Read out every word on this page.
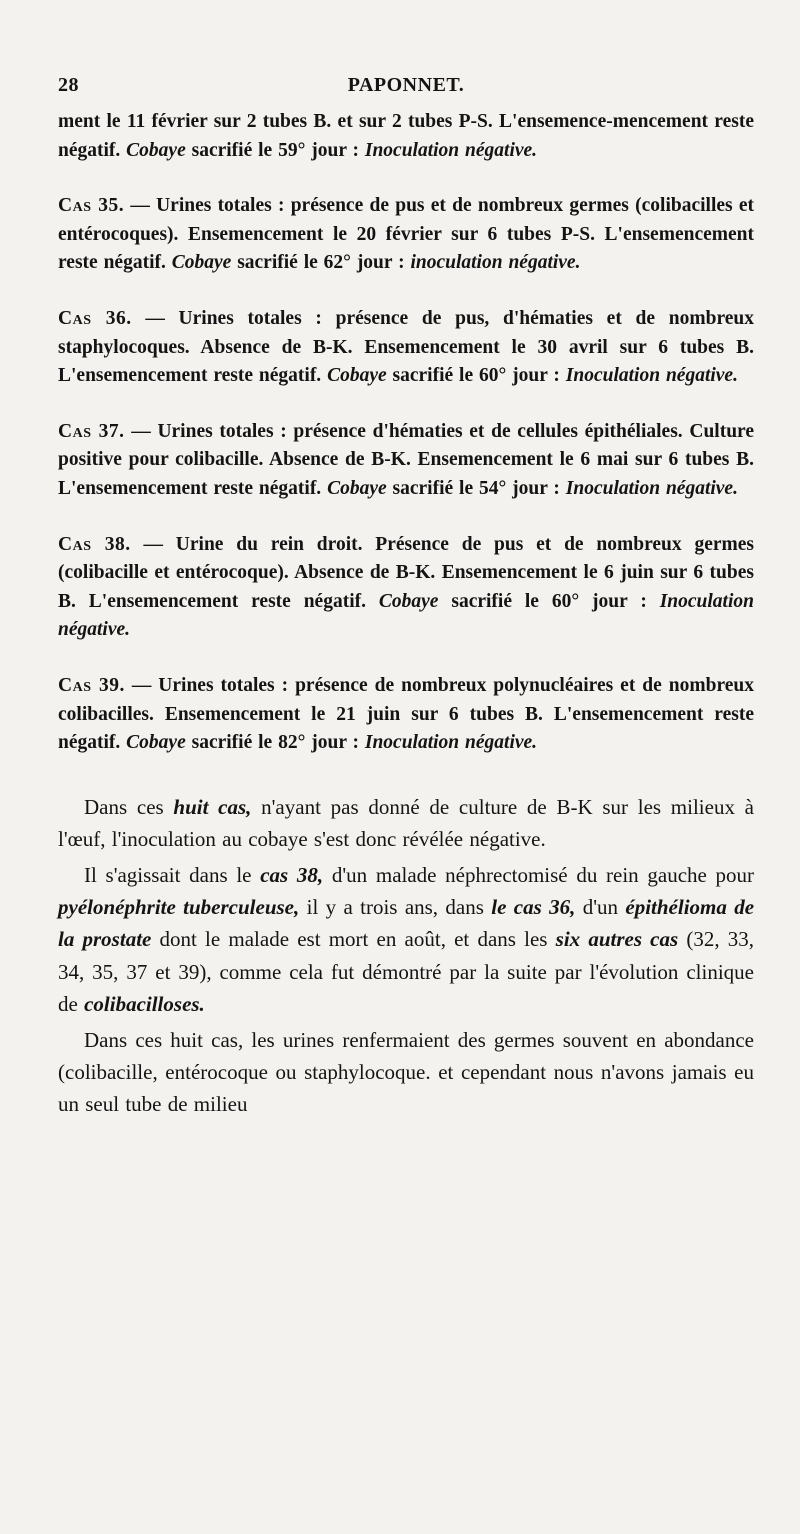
28	PAPONNET.
ment le 11 février sur 2 tubes B. et sur 2 tubes P-S. L'ensemence-mencement reste négatif. Cobaye sacrifié le 59° jour : Inoculation négative.
Cas 35. — Urines totales : présence de pus et de nombreux germes (colibacilles et entérocoques). Ensemencement le 20 février sur 6 tubes P-S. L'ensemencement reste négatif. Cobaye sacrifié le 62° jour : inoculation négative.
Cas 36. — Urines totales : présence de pus, d'hématies et de nombreux staphylocoques. Absence de B-K. Ensemencement le 30 avril sur 6 tubes B. L'ensemencement reste négatif. Cobaye sacrifié le 60° jour : Inoculation négative.
Cas 37. — Urines totales : présence d'hématies et de cellules épithéliales. Culture positive pour colibacille. Absence de B-K. Ensemencement le 6 mai sur 6 tubes B. L'ensemencement reste négatif. Cobaye sacrifié le 54° jour : Inoculation négative.
Cas 38. — Urine du rein droit. Présence de pus et de nombreux germes (colibacille et entérocoque). Absence de B-K. Ensemencement le 6 juin sur 6 tubes B. L'ensemencement reste négatif. Cobaye sacrifié le 60° jour : Inoculation négative.
Cas 39. — Urines totales : présence de nombreux polynucléaires et de nombreux colibacilles. Ensemencement le 21 juin sur 6 tubes B. L'ensemencement reste négatif. Cobaye sacrifié le 82° jour : Inoculation négative.

Dans ces huit cas, n'ayant pas donné de culture de B-K sur les milieux à l'œuf, l'inoculation au cobaye s'est donc révélée négative.

Il s'agissait dans le cas 38, d'un malade néphrectomisé du rein gauche pour pyélonéphrite tuberculeuse, il y a trois ans, dans le cas 36, d'un épithélioma de la prostate dont le malade est mort en août, et dans les six autres cas (32, 33, 34, 35, 37 et 39), comme cela fut démontré par la suite par l'évolution clinique de colibacilloses.

Dans ces huit cas, les urines renfermaient des germes souvent en abondance (colibacille, entérocoque ou staphylocoque. et cependant nous n'avons jamais eu un seul tube de milieu
